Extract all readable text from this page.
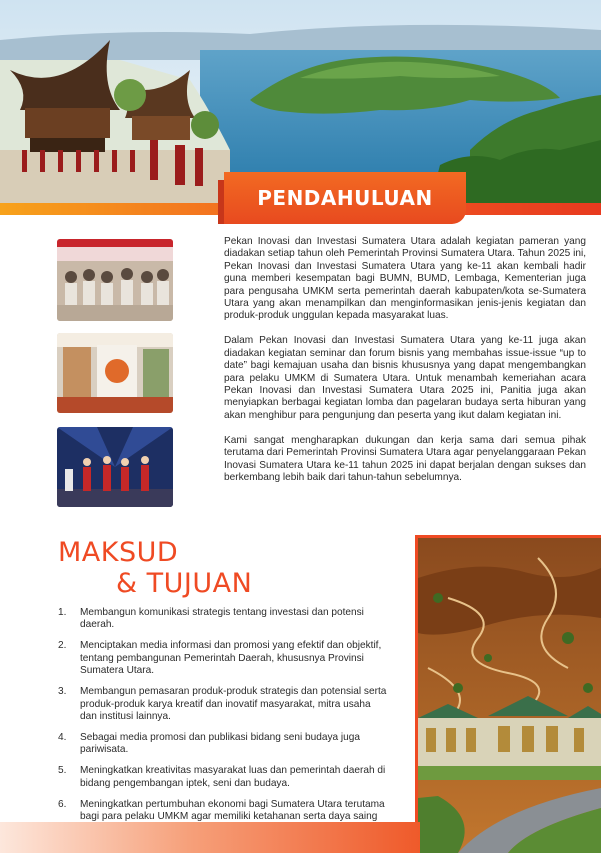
PENDAHULUAN

Pekan Inovasi dan Investasi Sumatera Utara adalah kegiatan pameran yang diadakan setiap tahun oleh Pemerintah Provinsi Sumatera Utara. Tahun 2025 ini, Pekan Inovasi dan Investasi Sumatera Utara yang ke-11 akan kembali hadir guna memberi kesempatan bagi BUMN, BUMD, Lembaga, Kementerian juga para pengusaha UMKM serta pemerintah daerah kabupaten/kota se-Sumatera Utara yang akan menampilkan dan menginformasikan jenis-jenis kegiatan dan produk-produk unggulan kepada masyarakat luas.

Dalam Pekan Inovasi dan Investasi Sumatera Utara yang ke-11 juga akan diadakan kegiatan seminar dan forum bisnis yang membahas issue-issue “up to date” bagi kemajuan usaha dan bisnis khususnya yang dapat mengembangkan para pelaku UMKM di Sumatera Utara. Untuk menambah kemeriahan acara Pekan Inovasi dan Investasi Sumatera Utara 2025 ini, Panitia juga akan menyiapkan berbagai kegiatan lomba dan pagelaran budaya serta hiburan yang akan menghibur para pengunjung dan peserta yang ikut dalam kegiatan ini.

Kami sangat mengharapkan dukungan dan kerja sama dari semua pihak terutama dari Pemerintah Provinsi Sumatera Utara agar penyelanggaraan Pekan Inovasi Sumatera Utara ke-11 tahun 2025 ini dapat berjalan dengan sukses dan berkembang lebih baik dari tahun-tahun sebelumnya.

MAKSUD
& TUJUAN
1. Membangun komunikasi strategis tentang investasi dan potensi daerah.
2. Menciptakan media informasi dan promosi yang efektif dan objektif, tentang pembangunan Pemerintah Daerah, khususnya Provinsi Sumatera Utara.
3. Membangun pemasaran produk-produk strategis dan potensial serta produk-produk karya kreatif dan inovatif masyarakat, mitra usaha dan institusi lainnya.
4. Sebagai media promosi dan publikasi bidang seni budaya juga pariwisata.
5. Meningkatkan kreativitas masyarakat luas dan pemerintah daerah di bidang pengembangan iptek, seni dan budaya.
6. Meningkatkan pertumbuhan ekonomi bagi Sumatera Utara terutama bagi para pelaku UMKM agar memiliki ketahanan serta daya saing
